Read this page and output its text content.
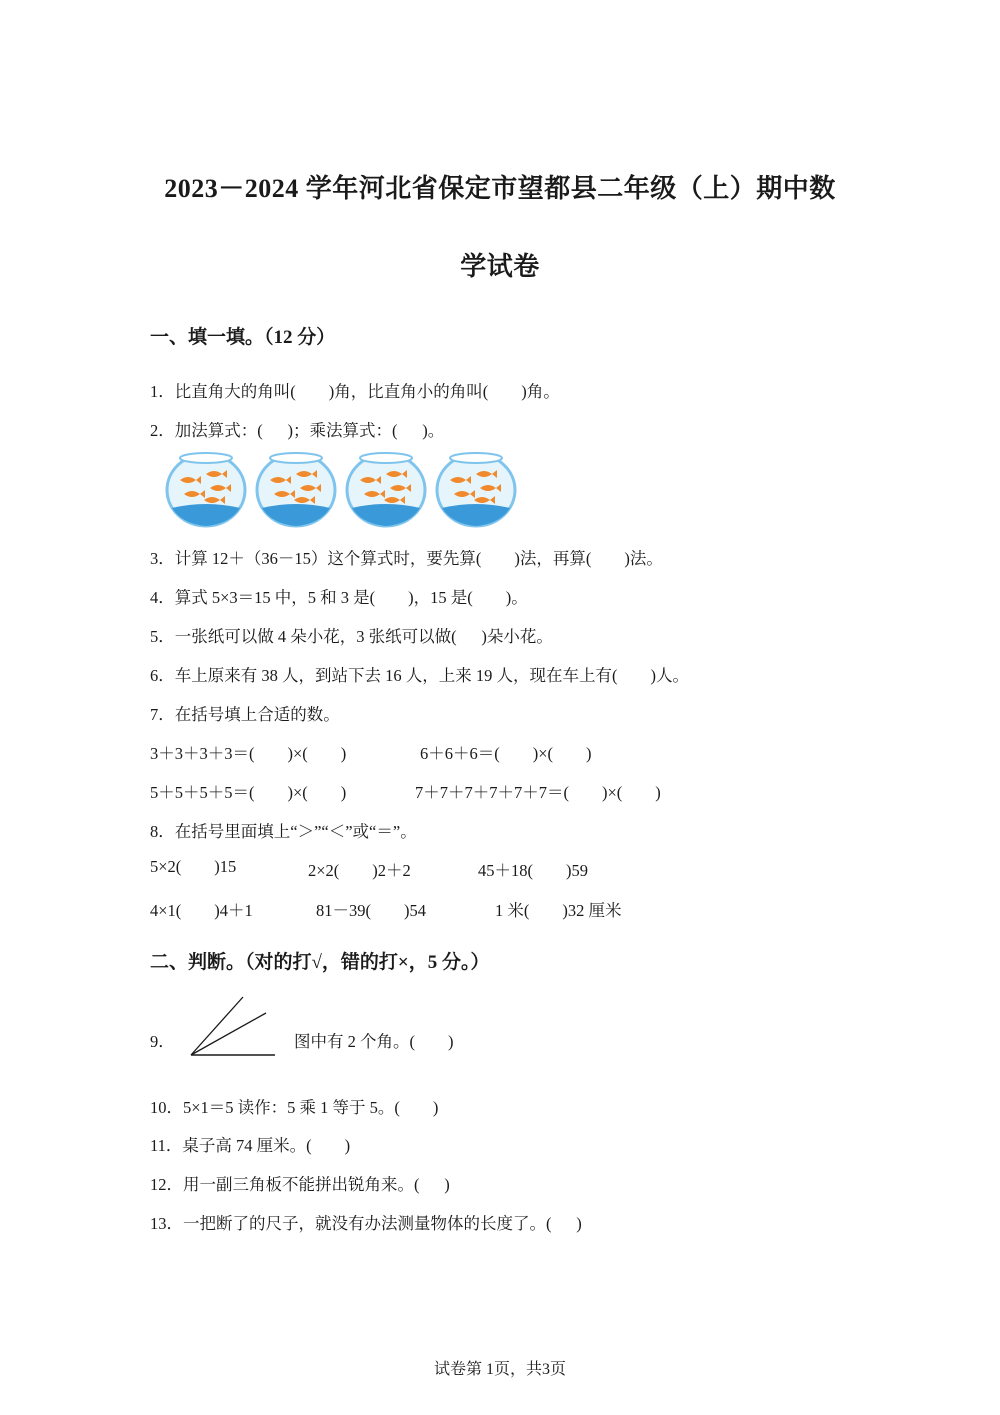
2023－2024 学年河北省保定市望都县二年级（上）期中数
学试卷
一、填一填。（12 分）
1．比直角大的角叫(        )角，比直角小的角叫(        )角。
2．加法算式：(      )；乘法算式：(      )。
3．计算 12＋（36－15）这个算式时，要先算(        )法，再算(        )法。
4．算式 5×3＝15 中，5 和 3 是(        )，15 是(        )。
5．一张纸可以做 4 朵小花，3 张纸可以做(      )朵小花。
6．车上原来有 38 人，到站下去 16 人，上来 19 人，现在车上有(        )人。
7．在括号填上合适的数。
3＋3＋3＋3＝(        )×(        )	6＋6＋6＝(        )×(        )
5＋5＋5＋5＝(        )×(        )	7＋7＋7＋7＋7＋7＝(        )×(        )
8．在括号里面填上“＞”“＜”或“＝”。
5×2(        )15	2×2(        )2＋2	45＋18(        )59
4×1(        )4＋1	81－39(        )54	1 米(        )32 厘米
二、判断。（对的打√，错的打×，5 分。）
9．	图中有 2 个角。(        )
10．5×1＝5 读作：5 乘 1 等于 5。(        )
11．桌子高 74 厘米。(        )
12．用一副三角板不能拼出锐角来。(      )
13．一把断了的尺子，就没有办法测量物体的长度了。(      )
试卷第 1页，共3页
